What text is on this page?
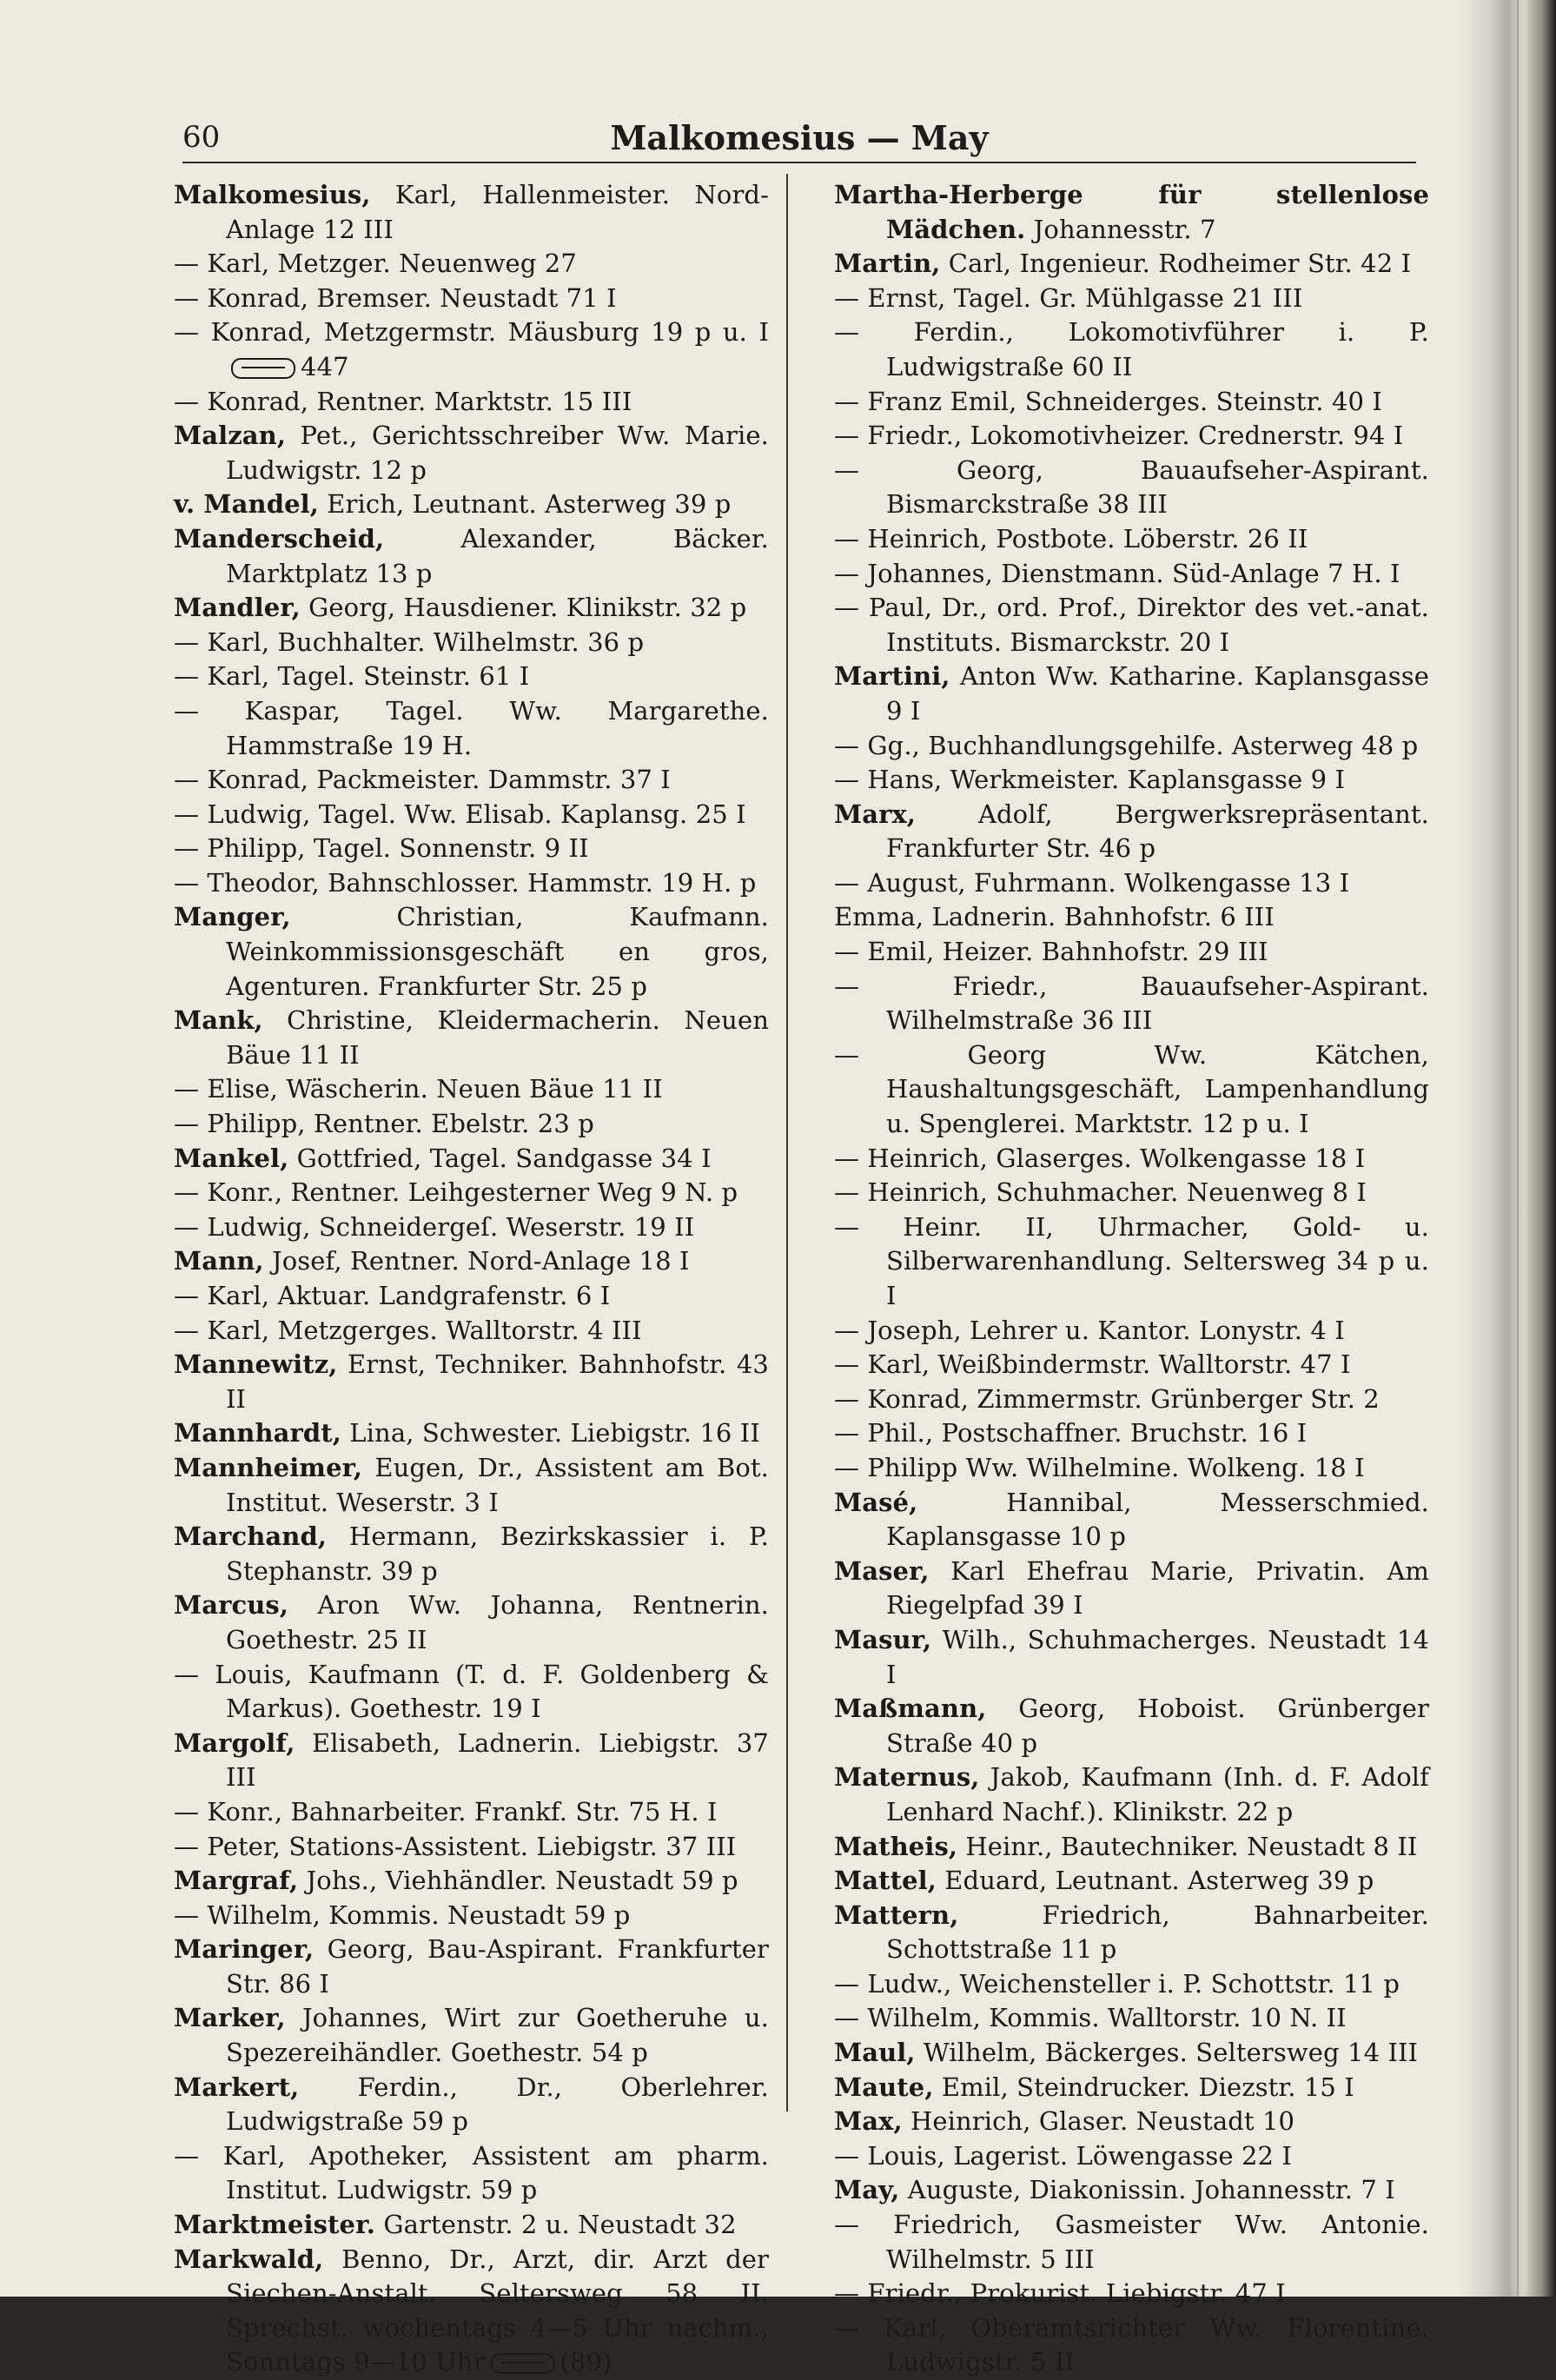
60	Malkomesius — May
Malkomesius, Karl, Hallenmeister. Nord-Anlage 12 III
— Karl, Metzger. Neuenweg 27
— Konrad, Bremser. Neustadt 71 I
— Konrad, Metzgermstr. Mäusburg 19 p u. I447
— Konrad, Rentner. Marktstr. 15 III
Malzan, Pet., Gerichtsschreiber Ww. Marie. Ludwigstr. 12 p
v. Mandel, Erich, Leutnant. Asterweg 39 p
Manderscheid, Alexander, Bäcker. Marktplatz 13 p
Mandler, Georg, Hausdiener. Klinikstr. 32 p
— Karl, Buchhalter. Wilhelmstr. 36 p
— Karl, Tagel. Steinstr. 61 I
— Kaspar, Tagel. Ww. Margarethe. Hammstraße 19 H.
— Konrad, Packmeister. Dammstr. 37 I
— Ludwig, Tagel. Ww. Elisab. Kaplansg. 25 I
— Philipp, Tagel. Sonnenstr. 9 II
— Theodor, Bahnschlosser. Hammstr. 19 H. p
Manger, Christian, Kaufmann. Weinkommissionsgeschäft en gros, Agenturen. Frankfurter Str. 25 p
Mank, Christine, Kleidermacherin. Neuen Bäue 11 II
— Elise, Wäscherin. Neuen Bäue 11 II
— Philipp, Rentner. Ebelstr. 23 p
Mankel, Gottfried, Tagel. Sandgasse 34 I
— Konr., Rentner. Leihgesterner Weg 9 N. p
— Ludwig, Schneidergeſ. Weserstr. 19 II
Mann, Josef, Rentner. Nord-Anlage 18 I
— Karl, Aktuar. Landgrafenstr. 6 I
— Karl, Metzgerges. Walltorstr. 4 III
Mannewitz, Ernst, Techniker. Bahnhofstr. 43 II
Mannhardt, Lina, Schwester. Liebigstr. 16 II
Mannheimer, Eugen, Dr., Assistent am Bot. Institut. Weserstr. 3 I
Marchand, Hermann, Bezirkskassier i. P. Stephanstr. 39 p
Marcus, Aron Ww. Johanna, Rentnerin. Goethestr. 25 II
— Louis, Kaufmann (T. d. F. Goldenberg & Markus). Goethestr. 19 I
Margolf, Elisabeth, Ladnerin. Liebigstr. 37 III
— Konr., Bahnarbeiter. Frankf. Str. 75 H. I
— Peter, Stations-Assistent. Liebigstr. 37 III
Margraf, Johs., Viehhändler. Neustadt 59 p
— Wilhelm, Kommis. Neustadt 59 p
Maringer, Georg, Bau-Aspirant. Frankfurter Str. 86 I
Marker, Johannes, Wirt zur Goetheruhe u. Spezereihändler. Goethestr. 54 p
Markert, Ferdin., Dr., Oberlehrer. Ludwigstraße 59 p
— Karl, Apotheker, Assistent am pharm. Institut. Ludwigstr. 59 p
Marktmeister. Gartenstr. 2 u. Neustadt 32
Markwald, Benno, Dr., Arzt, dir. Arzt der Siechen-Anstalt. Seltersweg 58 II. Sprechst. wochentags 4—5 Uhr nachm., Sonntags 9—10 Uhr	(89)
Martha-Herberge für stellenlose Mädchen. Johannesstr. 7
Martin, Carl, Ingenieur. Rodheimer Str. 42 I
— Ernst, Tagel. Gr. Mühlgasse 21 III
— Ferdin., Lokomotivführer i. P. Ludwigstraße 60 II
— Franz Emil, Schneiderges. Steinstr. 40 I
— Friedr., Lokomotivheizer. Crednerstr. 94 I
— Georg, Bauaufseher-Aspirant. Bismarckstraße 38 III
— Heinrich, Postbote. Löberstr. 26 II
— Johannes, Dienstmann. Süd-Anlage 7 H. I
— Paul, Dr., ord. Prof., Direktor des vet.-anat. Instituts. Bismarckstr. 20 I
Martini, Anton Ww. Katharine. Kaplansgasse 9 I
— Gg., Buchhandlungsgehilfe. Asterweg 48 p
— Hans, Werkmeister. Kaplansgasse 9 I
Marx, Adolf, Bergwerksrepräsentant. Frankfurter Str. 46 p
— August, Fuhrmann. Wolkengasse 13 I
Emma, Ladnerin. Bahnhofstr. 6 III
— Emil, Heizer. Bahnhofstr. 29 III
— Friedr., Bauaufseher-Aspirant. Wilhelmstraße 36 III
— Georg Ww. Kätchen, Haushaltungsgeschäft, Lampenhandlung u. Spenglerei. Marktstr. 12 p u. I
— Heinrich, Glaserges. Wolkengasse 18 I
— Heinrich, Schuhmacher. Neuenweg 8 I
— Heinr. II, Uhrmacher, Gold- u. Silberwarenhandlung. Seltersweg 34 p u. I
— Joseph, Lehrer u. Kantor. Lonystr. 4 I
— Karl, Weißbindermstr. Walltorstr. 47 I
— Konrad, Zimmermstr. Grünberger Str. 2
— Phil., Postschaffner. Bruchstr. 16 I
— Philipp Ww. Wilhelmine. Wolkeng. 18 I
Masé, Hannibal, Messerschmied. Kaplansgasse 10 p
Maser, Karl Ehefrau Marie, Privatin. Am Riegelpfad 39 I
Masur, Wilh., Schuhmacherges. Neustadt 14 I
Maßmann, Georg, Hoboist. Grünberger Straße 40 p
Maternus, Jakob, Kaufmann (Inh. d. F. Adolf Lenhard Nachf.). Klinikstr. 22 p
Matheis, Heinr., Bautechniker. Neustadt 8 II
Mattel, Eduard, Leutnant. Asterweg 39 p
Mattern, Friedrich, Bahnarbeiter. Schottstraße 11 p
— Ludw., Weichensteller i. P. Schottstr. 11 p
— Wilhelm, Kommis. Walltorstr. 10 N. II
Maul, Wilhelm, Bäckerges. Seltersweg 14 III
Maute, Emil, Steindrucker. Diezstr. 15 I
Max, Heinrich, Glaser. Neustadt 10
— Louis, Lagerist. Löwengasse 22 I
May, Auguste, Diakonissin. Johannesstr. 7 I
— Friedrich, Gasmeister Ww. Antonie. Wilhelmstr. 5 III
— Friedr., Prokurist. Liebigstr. 47 I
— Karl, Oberamtsrichter Ww. Florentine. Ludwigstr. 5 II
